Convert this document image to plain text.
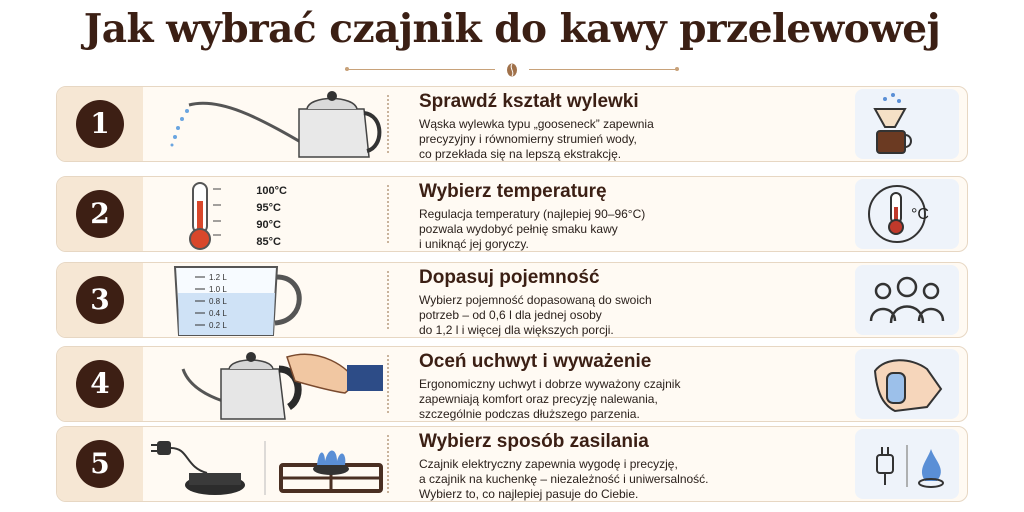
Jak wybrać czajnik do kawy przelewowej
1
Sprawdź kształt wylewki
Wąska wylewka typu „gooseneck” zapewnia
precyzyjny i równomierny strumień wody,
co przekłada się na lepszą ekstrakcję.
2
100°C
95°C
90°C
85°C
Wybierz temperaturę
Regulacja temperatury (najlepiej 90–96°C)
pozwala wydobyć pełnię smaku kawy
i uniknąć jej goryczy.
°C
3
1.2 L
1.0 L
0.8 L
0.4 L
0.2 L
Dopasuj pojemność
Wybierz pojemność dopasowaną do swoich
potrzeb – od 0,6 l dla jednej osoby
do 1,2 l i więcej dla większych porcji.
4
Oceń uchwyt i wyważenie
Ergonomiczny uchwyt i dobrze wyważony czajnik
zapewniają komfort oraz precyzję nalewania,
szczególnie podczas dłuższego parzenia.
5
Wybierz sposób zasilania
Czajnik elektryczny zapewnia wygodę i precyzję,
a czajnik na kuchenkę – niezależność i uniwersalność.
Wybierz to, co najlepiej pasuje do Ciebie.
